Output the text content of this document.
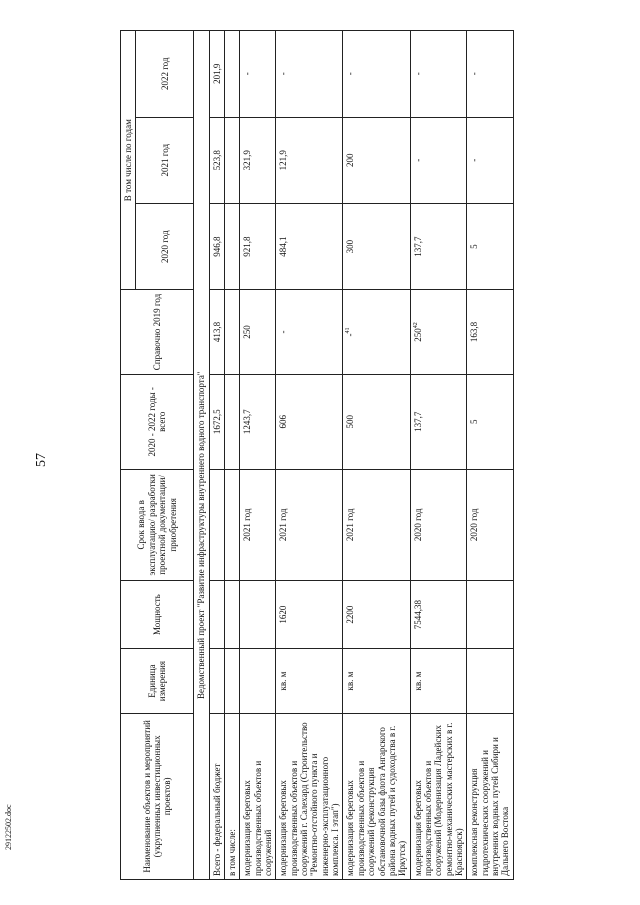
57
29122502.doc	Наименование объектов и мероприятий (укрупненных инвестиционных проектов)	Единица измерения	Мощность	Срок ввода в эксплуатацию/ разработки проектной документации/ приобретения	2020 - 2022 годы - всего	Справочно 2019 год	В том числе по годам		
						2020 год	2021 год	2022 год
Ведомственный проект "Развитие инфраструктуры внутреннего водного транспорта"								
Всего - федеральный бюджет				1672,5	413,8	946,8	523,8	201,9
в том числе:								
модернизация береговых производственных объектов и сооружений			2021 год	1243,7	250	921,8	321,9	-
модернизация береговых производственных объектов и сооружений г. Салехард (Строительство "Ремонтно-отстойного пункта и инженерно-эксплуатационного комплекса. I этап")	кв. м	1620	2021 год	606	-	484,1	121,9	-
модернизация береговых производственных объектов и сооружений (реконструкция обстановочной базы флота Ангарского района водных путей и судоходства в г. Иркутск)	кв. м	2200	2021 год	500	-$^{41}$	300	200	-
модернизация береговых производственных объектов и сооружений (Модернизация Ладейских ремонтно-механических мастерских в г. Красноярск)	кв. м	7544,38	2020 год	137,7	$250^{42}$	137,7	-	-
комплексная реконструкция гидротехнических сооружений и внутренних водных путей Сибири и Дальнего Востока			2020 год	5	163,8	5	-	-
